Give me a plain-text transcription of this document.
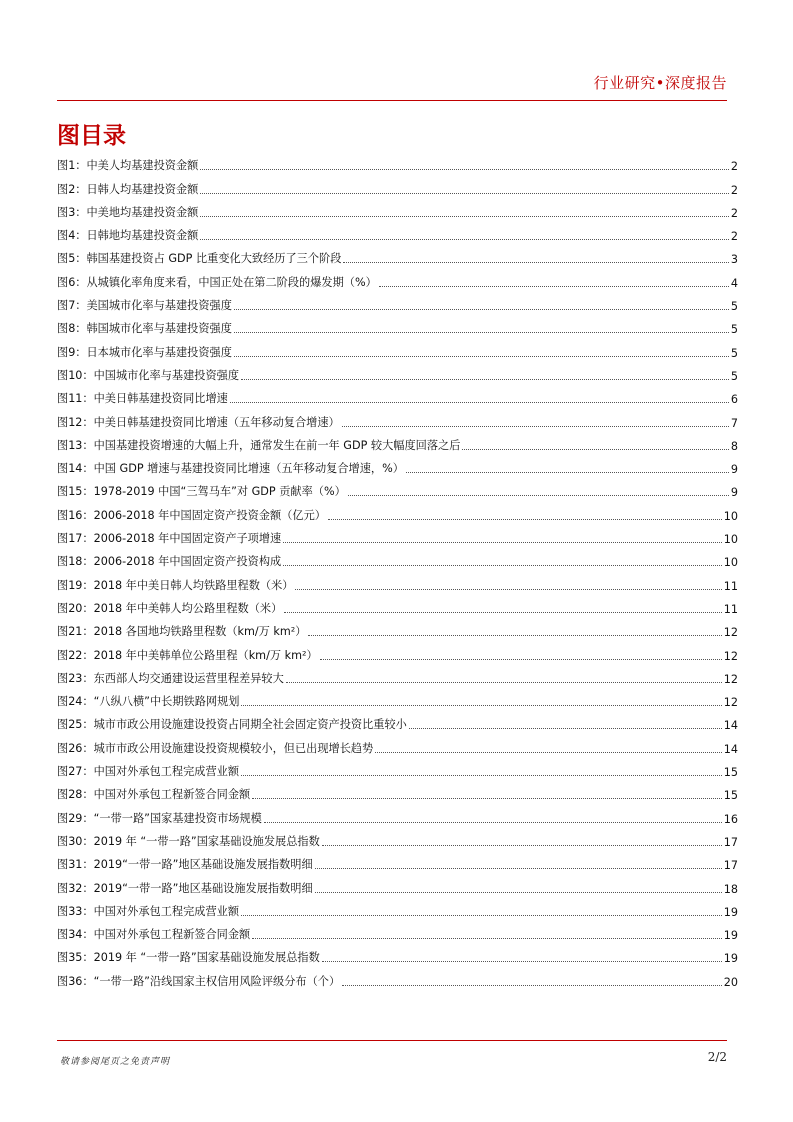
行业研究•深度报告
图目录
图1：中美人均基建投资金额	2
图2：日韩人均基建投资金额	2
图3：中美地均基建投资金额	2
图4：日韩地均基建投资金额	2
图5：韩国基建投资占 GDP 比重变化大致经历了三个阶段	3
图6：从城镇化率角度来看，中国正处在第二阶段的爆发期（%）	4
图7：美国城市化率与基建投资强度	5
图8：韩国城市化率与基建投资强度	5
图9：日本城市化率与基建投资强度	5
图10：中国城市化率与基建投资强度	5
图11：中美日韩基建投资同比增速	6
图12：中美日韩基建投资同比增速（五年移动复合增速）	7
图13：中国基建投资增速的大幅上升，通常发生在前一年 GDP 较大幅度回落之后	8
图14：中国 GDP 增速与基建投资同比增速（五年移动复合增速，%）	9
图15：1978-2019 中国“三驾马车”对 GDP 贡献率（%）	9
图16：2006-2018 年中国固定资产投资金额（亿元）	10
图17：2006-2018 年中国固定资产子项增速	10
图18：2006-2018 年中国固定资产投资构成	10
图19：2018 年中美日韩人均铁路里程数（米）	11
图20：2018 年中美韩人均公路里程数（米）	11
图21：2018 各国地均铁路里程数（km/万 km²）	12
图22：2018 年中美韩单位公路里程（km/万 km²）	12
图23：东西部人均交通建设运营里程差异较大	12
图24：“八纵八横”中长期铁路网规划	12
图25：城市市政公用设施建设投资占同期全社会固定资产投资比重较小	14
图26：城市市政公用设施建设投资规模较小，但已出现增长趋势	14
图27：中国对外承包工程完成营业额	15
图28：中国对外承包工程新签合同金额	15
图29：“一带一路”国家基建投资市场规模	16
图30：2019 年 “一带一路”国家基础设施发展总指数	17
图31：2019“一带一路”地区基础设施发展指数明细	17
图32：2019“一带一路”地区基础设施发展指数明细	18
图33：中国对外承包工程完成营业额	19
图34：中国对外承包工程新签合同金额	19
图35：2019 年 “一带一路”国家基础设施发展总指数	19
图36：“一带一路”沿线国家主权信用风险评级分布（个）	20
敬请参阅尾页之免责声明	2/2
